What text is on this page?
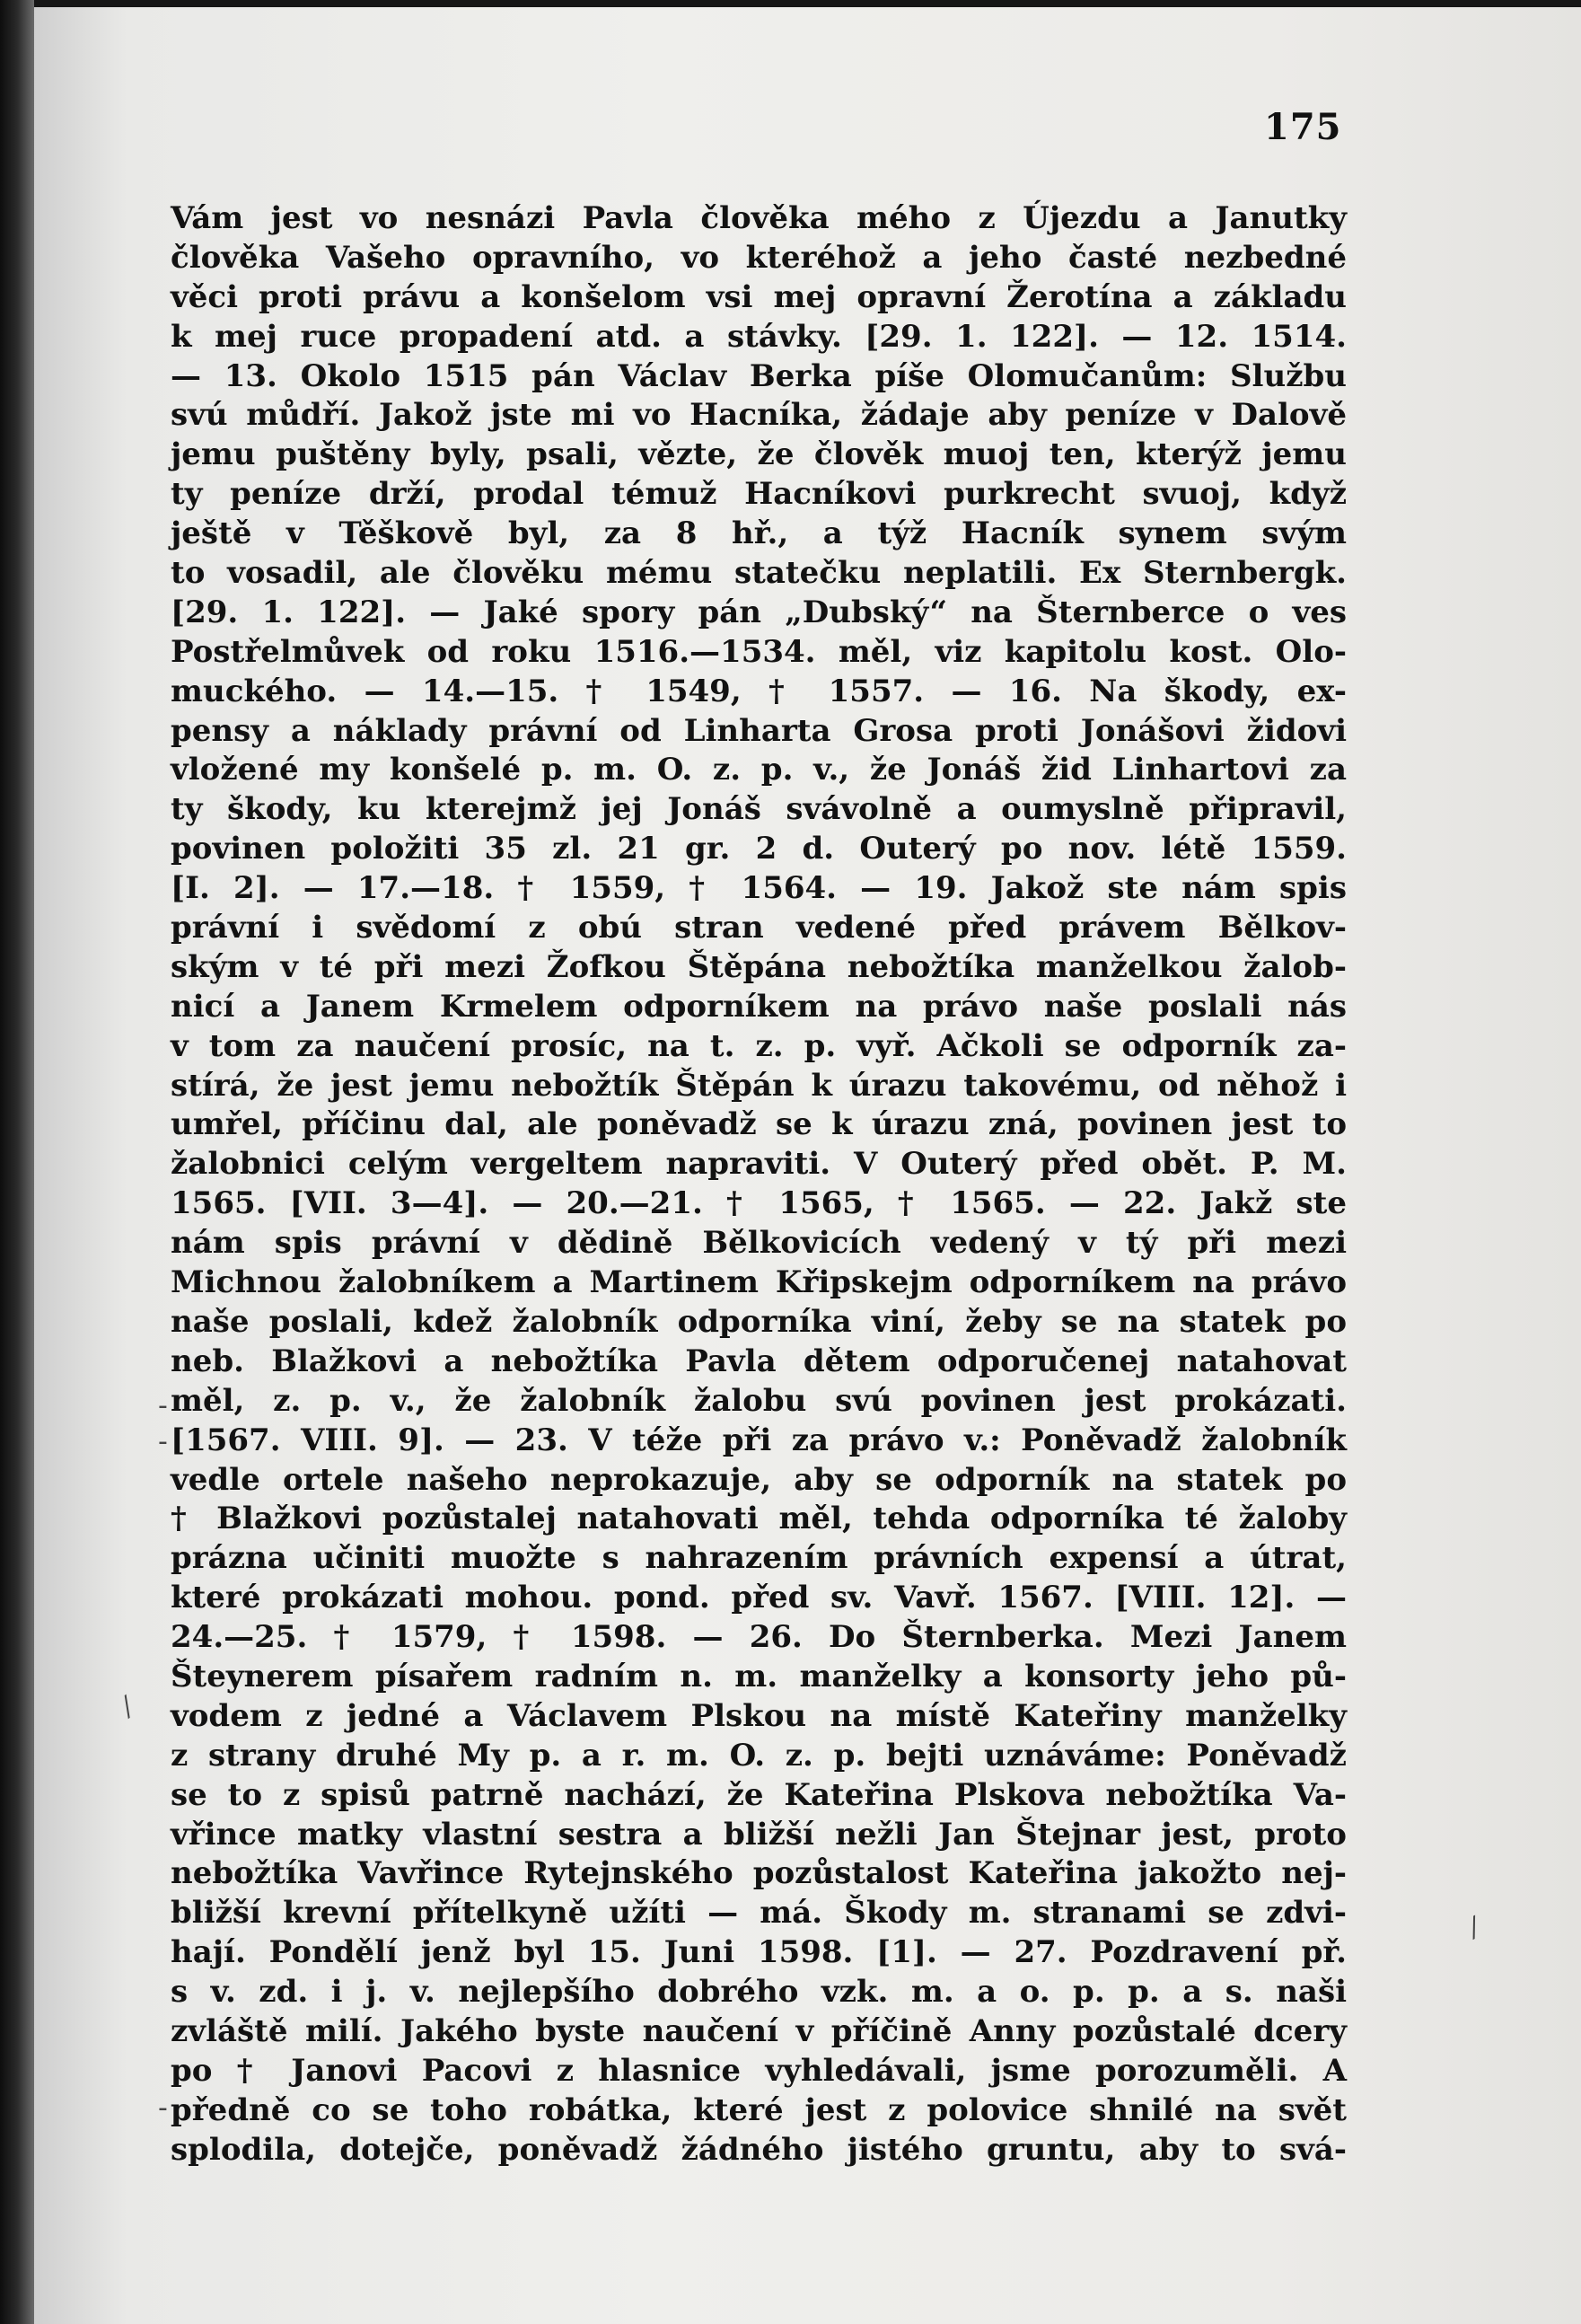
175
Vám jest vo nesnázi Pavla člověka mého z Újezdu a Janutky
člověka Vašeho opravního, vo kteréhož a jeho časté nezbedné
věci proti právu a konšelom vsi mej opravní Žerotína a základu
k mej ruce propadení atd. a stávky. [29. 1. 122]. — 12. 1514.
— 13. Okolo 1515 pán Václav Berka píše Olomučanům: Službu
svú můdří. Jakož jste mi vo Hacníka, žádaje aby peníze v Dalově
jemu puštěny byly, psali, vězte, že člověk muoj ten, kterýž jemu
ty peníze drží, prodal témuž Hacníkovi purkrecht svuoj, když
ještě v Těškově byl, za 8 hř., a týž Hacník synem svým
to vosadil, ale člověku mému statečku neplatili. Ex Sternbergk.
[29. 1. 122]. — Jaké spory pán „Dubský“ na Šternberce o ves
Postřelmůvek od roku 1516.—1534. měl, viz kapitolu kost. Olo-
muckého. — 14.—15. † 1549, † 1557. — 16. Na škody, ex-
pensy a náklady právní od Linharta Grosa proti Jonášovi židovi
vložené my konšelé p. m. O. z. p. v., že Jonáš žid Linhartovi za
ty škody, ku kterejmž jej Jonáš svávolně a oumyslně připravil,
povinen položiti 35 zl. 21 gr. 2 d. Outerý po nov. létě 1559.
[I. 2]. — 17.—18. † 1559, † 1564. — 19. Jakož ste nám spis
právní i svědomí z obú stran vedené před právem Bělkov-
ským v té při mezi Žofkou Štěpána nebožtíka manželkou žalob-
nicí a Janem Krmelem odporníkem na právo naše poslali nás
v tom za naučení prosíc, na t. z. p. vyř. Ačkoli se odporník za-
stírá, že jest jemu nebožtík Štěpán k úrazu takovému, od něhož i
umřel, příčinu dal, ale poněvadž se k úrazu zná, povinen jest to
žalobnici celým vergeltem napraviti. V Outerý před obět. P. M.
1565. [VII. 3—4]. — 20.—21. † 1565, † 1565. — 22. Jakž ste
nám spis právní v dědině Bělkovicích vedený v tý při mezi
Michnou žalobníkem a Martinem Křipskejm odporníkem na právo
naše poslali, kdež žalobník odporníka viní, žeby se na statek po
neb. Blažkovi a nebožtíka Pavla dětem odporučenej natahovat
měl, z. p. v., že žalobník žalobu svú povinen jest prokázati.
[1567. VIII. 9]. — 23. V téže při za právo v.: Poněvadž žalobník
vedle ortele našeho neprokazuje, aby se odporník na statek po
† Blažkovi pozůstalej natahovati měl, tehda odporníka té žaloby
prázna učiniti muožte s nahrazením právních expensí a útrat,
které prokázati mohou. pond. před sv. Vavř. 1567. [VIII. 12]. —
24.—25. † 1579, † 1598. — 26. Do Šternberka. Mezi Janem
Šteynerem písařem radním n. m. manželky a konsorty jeho pů-
vodem z jedné a Václavem Plskou na místě Kateřiny manželky
z strany druhé My p. a r. m. O. z. p. bejti uznáváme: Poněvadž
se to z spisů patrně nachází, že Kateřina Plskova nebožtíka Va-
vřince matky vlastní sestra a bližší nežli Jan Štejnar jest, proto
nebožtíka Vavřince Rytejnského pozůstalost Kateřina jakožto nej-
bližší krevní přítelkyně užíti — má. Škody m. stranami se zdvi-
hají. Pondělí jenž byl 15. Juni 1598. [1]. — 27. Pozdravení př.
s v. zd. i j. v. nejlepšího dobrého vzk. m. a o. p. p. a s. naši
zvláště milí. Jakého byste naučení v příčině Anny pozůstalé dcery
po † Janovi Pacovi z hlasnice vyhledávali, jsme porozuměli. A
předně co se toho robátka, které jest z polovice shnilé na svět
splodila, dotejče, poněvadž žádného jistého gruntu, aby to svá-
‐
‐
‐
⁄
⁄
